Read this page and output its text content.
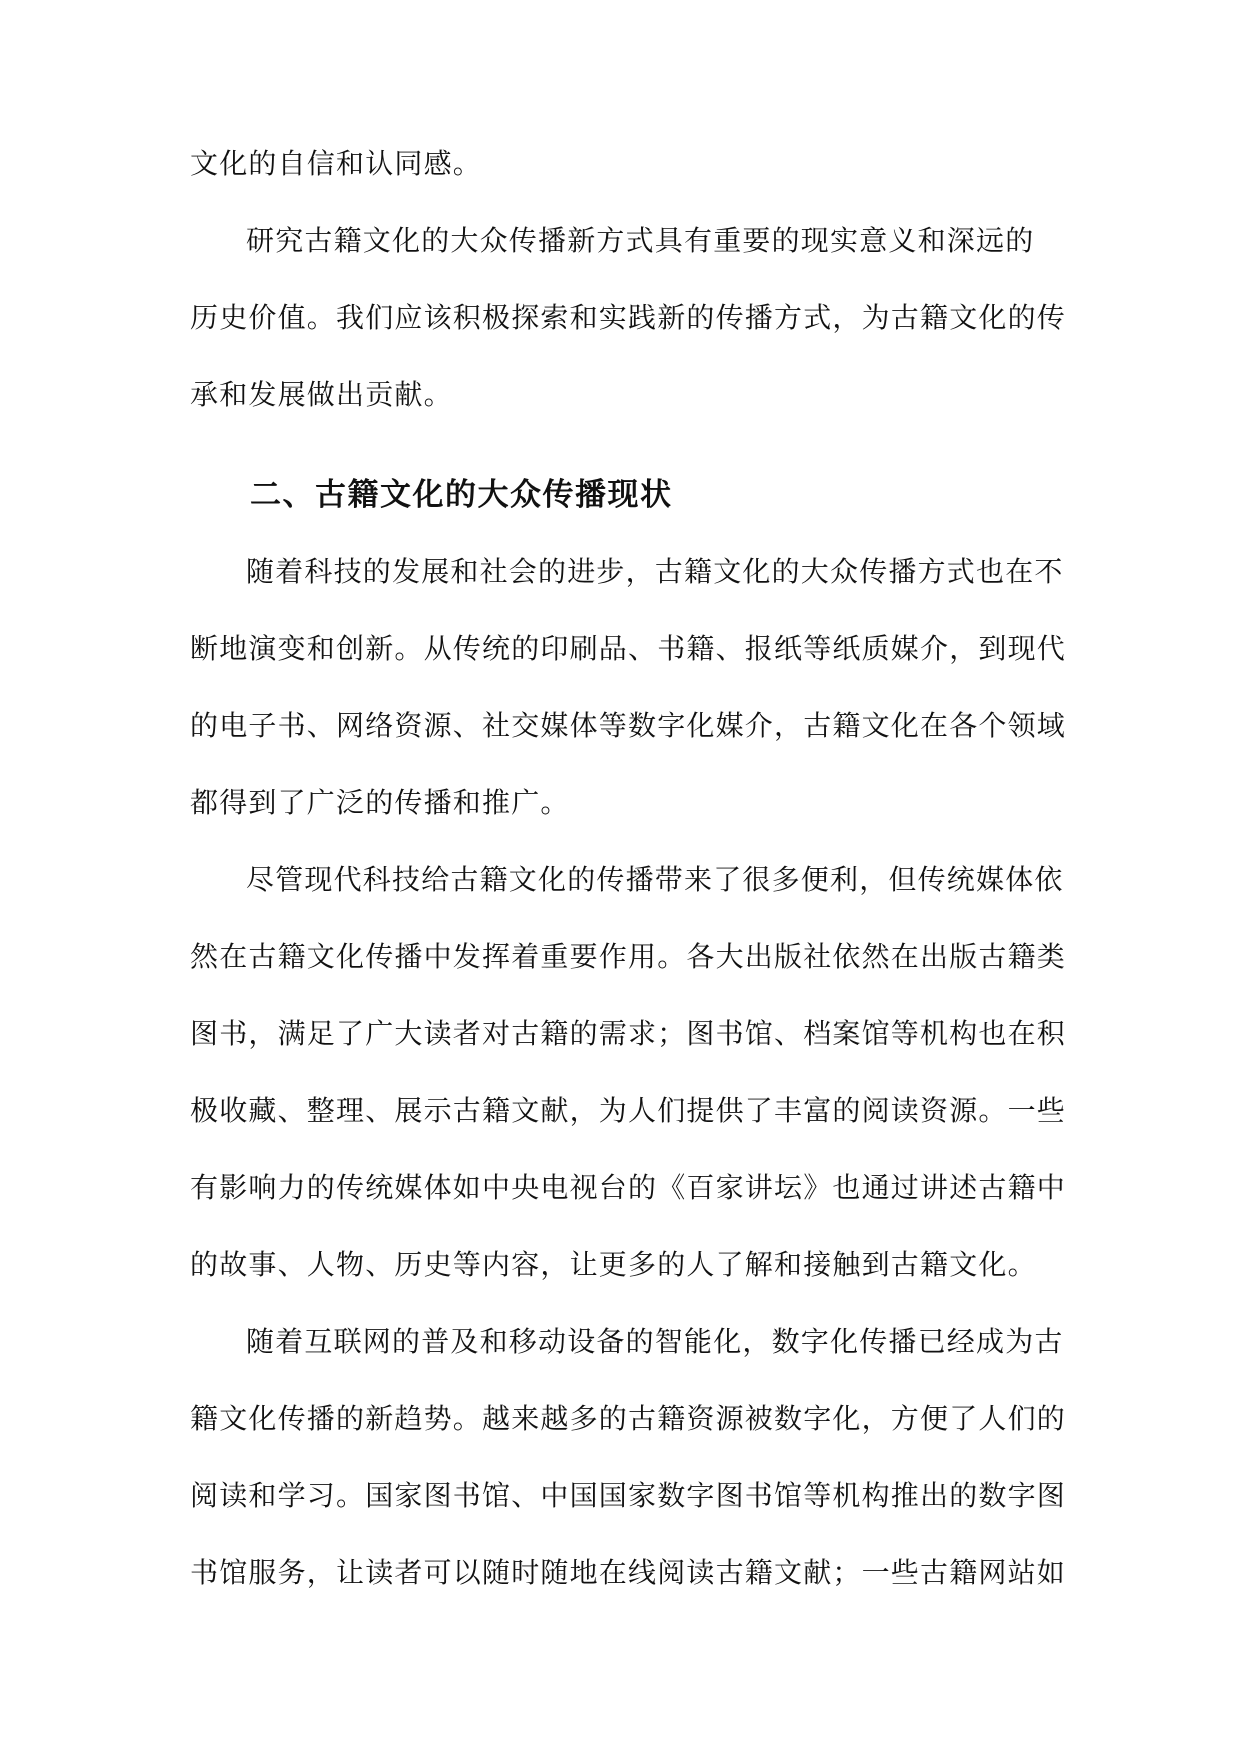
文化的自信和认同感。
研究古籍文化的大众传播新方式具有重要的现实意义和深远的
历史价值。我们应该积极探索和实践新的传播方式，为古籍文化的传
承和发展做出贡献。
二、古籍文化的大众传播现状
随着科技的发展和社会的进步，古籍文化的大众传播方式也在不
断地演变和创新。从传统的印刷品、书籍、报纸等纸质媒介，到现代
的电子书、网络资源、社交媒体等数字化媒介，古籍文化在各个领域
都得到了广泛的传播和推广。
尽管现代科技给古籍文化的传播带来了很多便利，但传统媒体依
然在古籍文化传播中发挥着重要作用。各大出版社依然在出版古籍类
图书，满足了广大读者对古籍的需求；图书馆、档案馆等机构也在积
极收藏、整理、展示古籍文献，为人们提供了丰富的阅读资源。一些
有影响力的传统媒体如中央电视台的《百家讲坛》也通过讲述古籍中
的故事、人物、历史等内容，让更多的人了解和接触到古籍文化。
随着互联网的普及和移动设备的智能化，数字化传播已经成为古
籍文化传播的新趋势。越来越多的古籍资源被数字化，方便了人们的
阅读和学习。国家图书馆、中国国家数字图书馆等机构推出的数字图
书馆服务，让读者可以随时随地在线阅读古籍文献；一些古籍网站如
